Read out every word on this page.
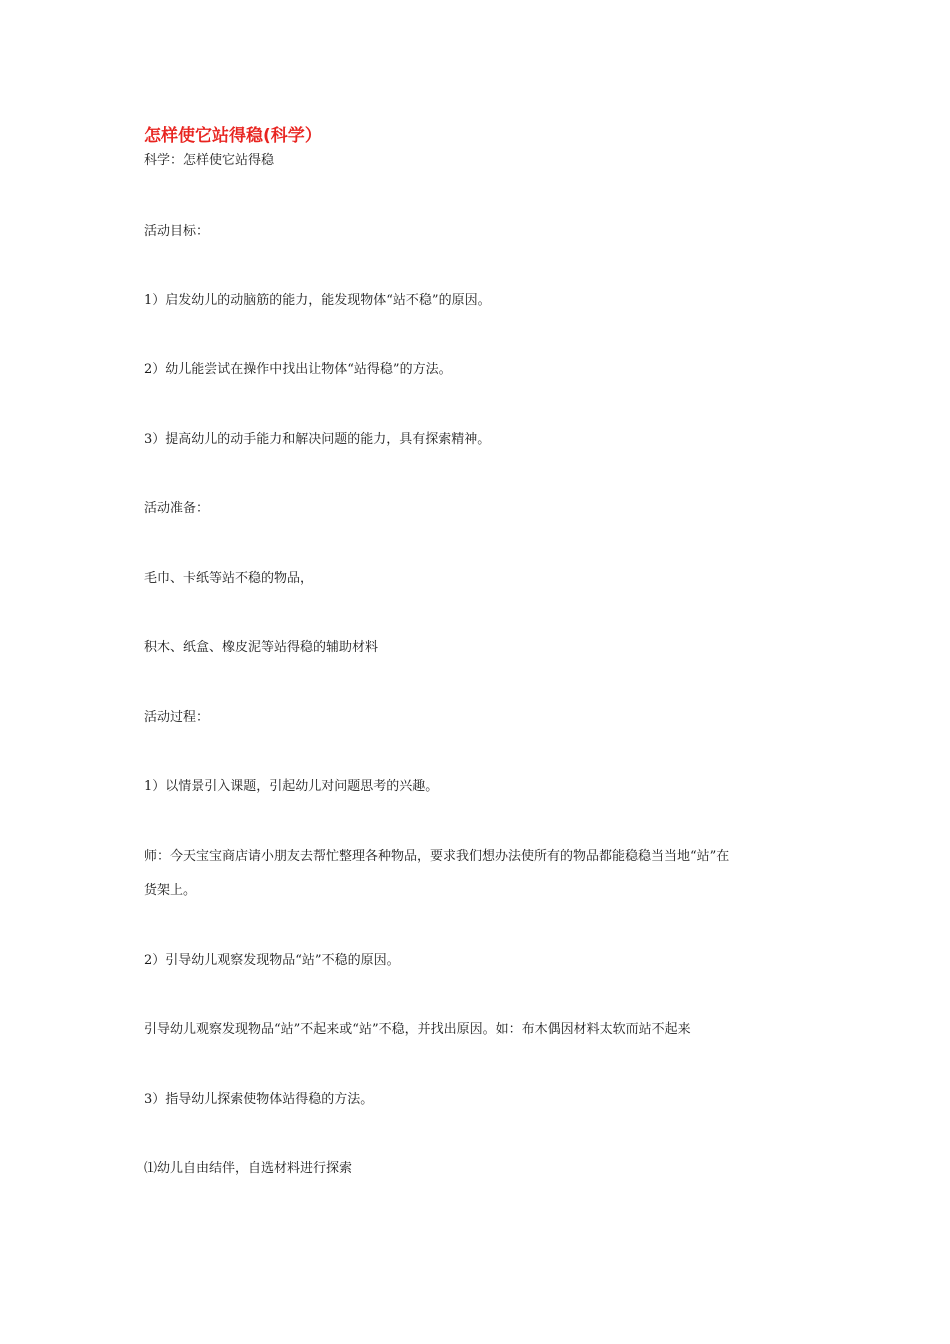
怎样使它站得稳(科学）
科学：怎样使它站得稳
活动目标：
1）启发幼儿的动脑筋的能力，能发现物体“站不稳”的原因。
2）幼儿能尝试在操作中找出让物体“站得稳”的方法。
3）提高幼儿的动手能力和解决问题的能力，具有探索精神。
活动准备：
毛巾、卡纸等站不稳的物品，
积木、纸盒、橡皮泥等站得稳的辅助材料
活动过程：
1）以情景引入课题，引起幼儿对问题思考的兴趣。
师：今天宝宝商店请小朋友去帮忙整理各种物品，要求我们想办法使所有的物品都能稳稳当当地“站”在
货架上。
2）引导幼儿观察发现物品“站”不稳的原因。
引导幼儿观察发现物品“站”不起来或“站”不稳，并找出原因。如：布木偶因材料太软而站不起来
3）指导幼儿探索使物体站得稳的方法。
⑴幼儿自由结伴，自选材料进行探索
